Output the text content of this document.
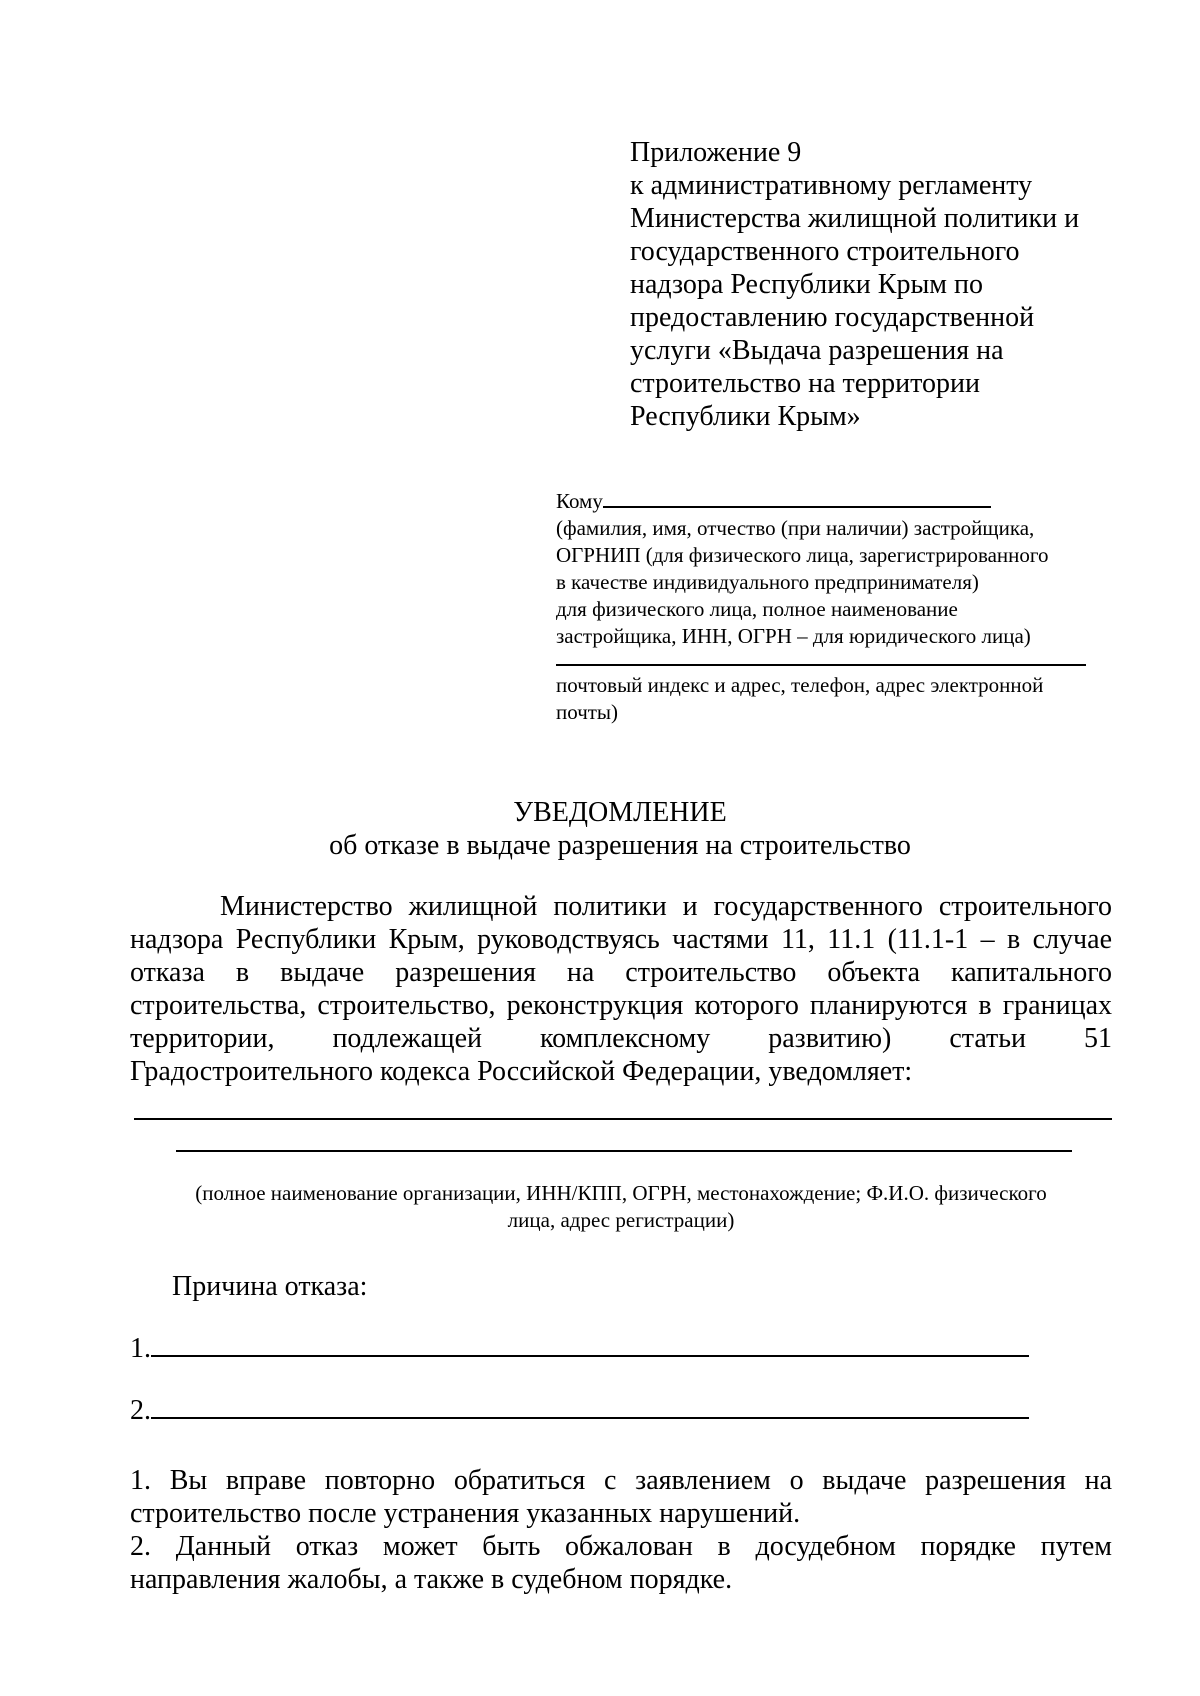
Приложение 9
к административному регламенту
Министерства жилищной политики и
государственного строительного
надзора Республики Крым по
предоставлению государственной
услуги «Выдача разрешения на
строительство на территории
Республики Крым»
Кому
(фамилия, имя, отчество (при наличии) застройщика,
ОГРНИП (для физического лица, зарегистрированного
в качестве индивидуального предпринимателя)
для физического лица, полное наименование
застройщика, ИНН, ОГРН – для юридического лица)
почтовый индекс и адрес, телефон, адрес электронной
почты)
УВЕДОМЛЕНИЕ
об отказе в выдаче разрешения на строительство
Министерство жилищной политики и государственного строительного
надзора Республики Крым, руководствуясь частями 11, 11.1 (11.1-1 – в случае
отказа в выдаче разрешения на строительство объекта капитального
строительства, строительство, реконструкция которого планируются в границах
территории, подлежащей комплексному развитию) статьи 51
Градостроительного кодекса Российской Федерации, уведомляет:
(полное наименование организации, ИНН/КПП, ОГРН, местонахождение; Ф.И.О. физического
лица, адрес регистрации)
Причина отказа:
1.
2.
1. Вы вправе повторно обратиться с заявлением о выдаче разрешения на
строительство после устранения указанных нарушений.
2. Данный отказ может быть обжалован в досудебном порядке путем
направления жалобы, а также в судебном порядке.
